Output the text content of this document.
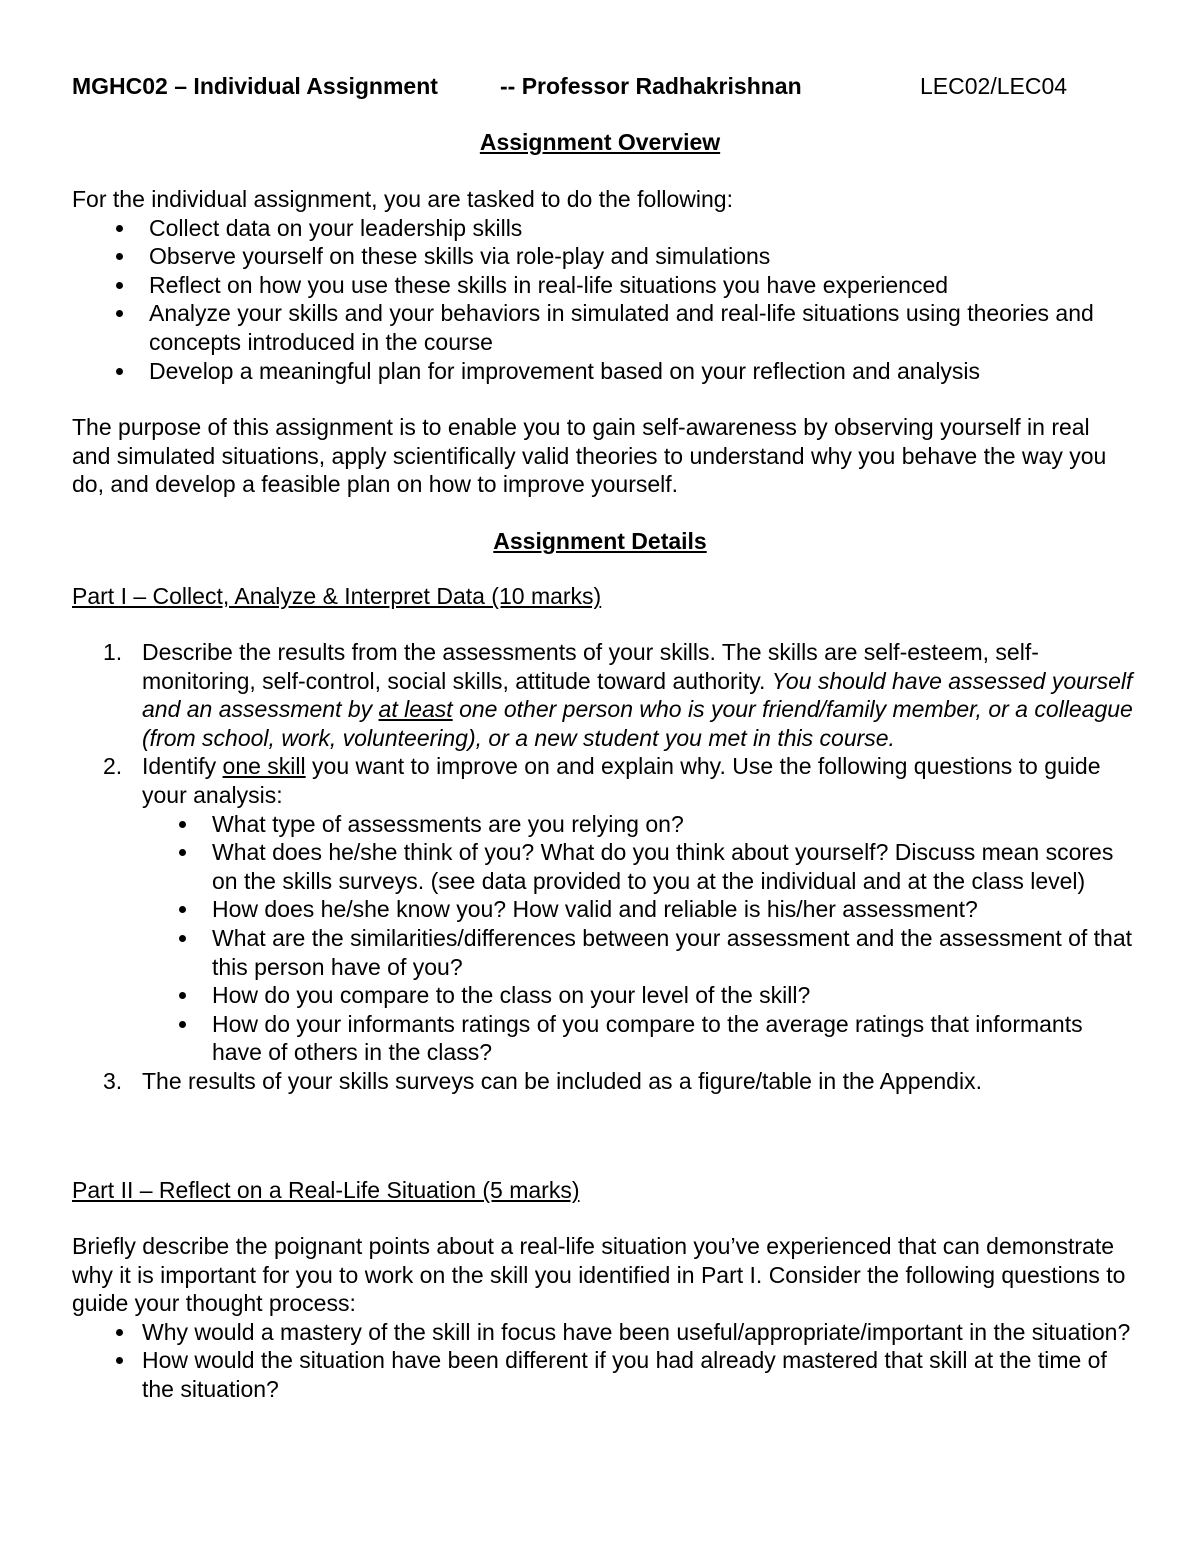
MGHC02 – Individual Assignment	-- Professor Radhakrishnan	LEC02/LEC04
Assignment Overview
For the individual assignment, you are tasked to do the following:
Collect data on your leadership skills
Observe yourself on these skills via role-play and simulations
Reflect on how you use these skills in real-life situations you have experienced
Analyze your skills and your behaviors in simulated and real-life situations using theories and concepts introduced in the course
Develop a meaningful plan for improvement based on your reflection and analysis
The purpose of this assignment is to enable you to gain self-awareness by observing yourself in real and simulated situations, apply scientifically valid theories to understand why you behave the way you do, and develop a feasible plan on how to improve yourself.
Assignment Details
Part I – Collect, Analyze & Interpret Data (10 marks)
1. Describe the results from the assessments of your skills. The skills are self-esteem, self-monitoring, self-control, social skills, attitude toward authority. You should have assessed yourself and an assessment by at least one other person who is your friend/family member, or a colleague (from school, work, volunteering), or a new student you met in this course.
2. Identify one skill you want to improve on and explain why. Use the following questions to guide your analysis:
What type of assessments are you relying on?
What does he/she think of you? What do you think about yourself? Discuss mean scores on the skills surveys. (see data provided to you at the individual and at the class level)
How does he/she know you? How valid and reliable is his/her assessment?
What are the similarities/differences between your assessment and the assessment of that this person have of you?
How do you compare to the class on your level of the skill?
How do your informants ratings of you compare to the average ratings that informants have of others in the class?
3. The results of your skills surveys can be included as a figure/table in the Appendix.
Part II – Reflect on a Real-Life Situation (5 marks)
Briefly describe the poignant points about a real-life situation you’ve experienced that can demonstrate why it is important for you to work on the skill you identified in Part I. Consider the following questions to guide your thought process:
Why would a mastery of the skill in focus have been useful/appropriate/important in the situation?
How would the situation have been different if you had already mastered that skill at the time of the situation?
